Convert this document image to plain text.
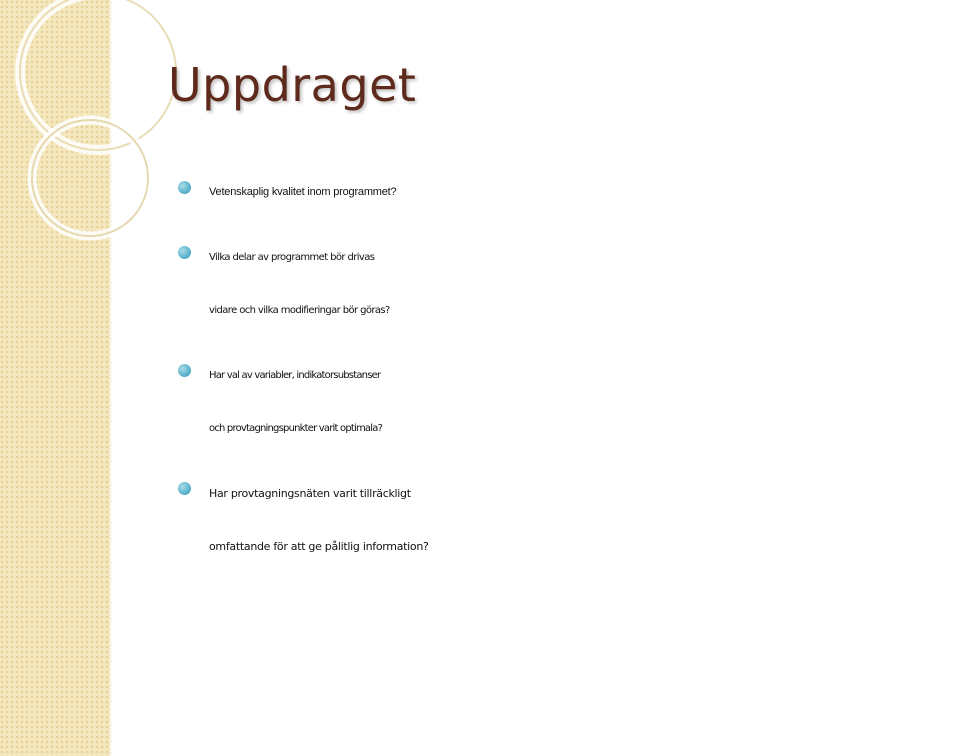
Uppdraget
Vetenskaplig kvalitet inom programmet?
Vilka delar av programmet bör drivas
vidare och vilka modifieringar bör göras?
Har val av variabler, indikatorsubstanser
och provtagningspunkter varit optimala?
Har provtagningsnäten varit tillräckligt
omfattande för att ge pålitlig information?
